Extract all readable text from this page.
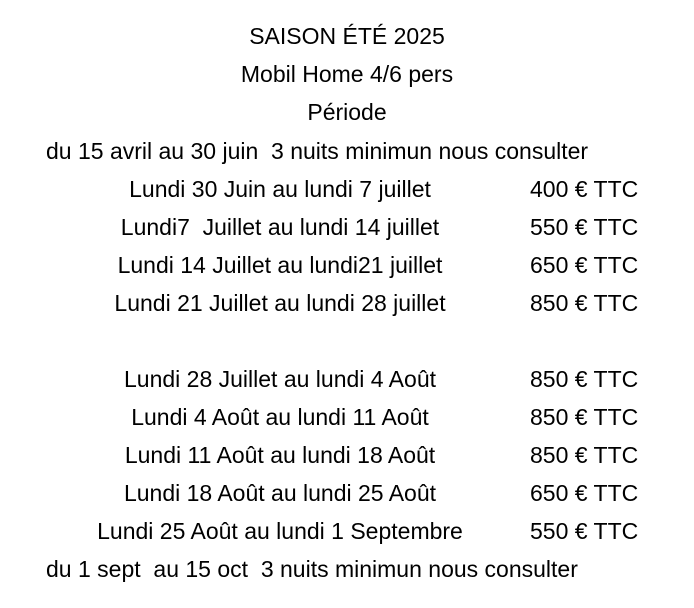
SAISON ÉTÉ 2025
Mobil Home 4/6 pers
Période
du 15 avril au 30 juin  3 nuits minimun nous consulter
Lundi 30 Juin au lundi 7 juillet	400 € TTC
Lundi7  Juillet au lundi 14 juillet	550 € TTC
Lundi 14 Juillet au lundi21 juillet	650 € TTC
Lundi 21 Juillet au lundi 28 juillet	850 € TTC
Lundi 28 Juillet au lundi 4 Août	850 € TTC
Lundi 4 Août au lundi 11 Août	850 € TTC
Lundi 11 Août au lundi 18 Août	850 € TTC
Lundi 18 Août au lundi 25 Août	650 € TTC
Lundi 25 Août au lundi 1 Septembre	550 € TTC
du 1 sept  au 15 oct  3 nuits minimun nous consulter
